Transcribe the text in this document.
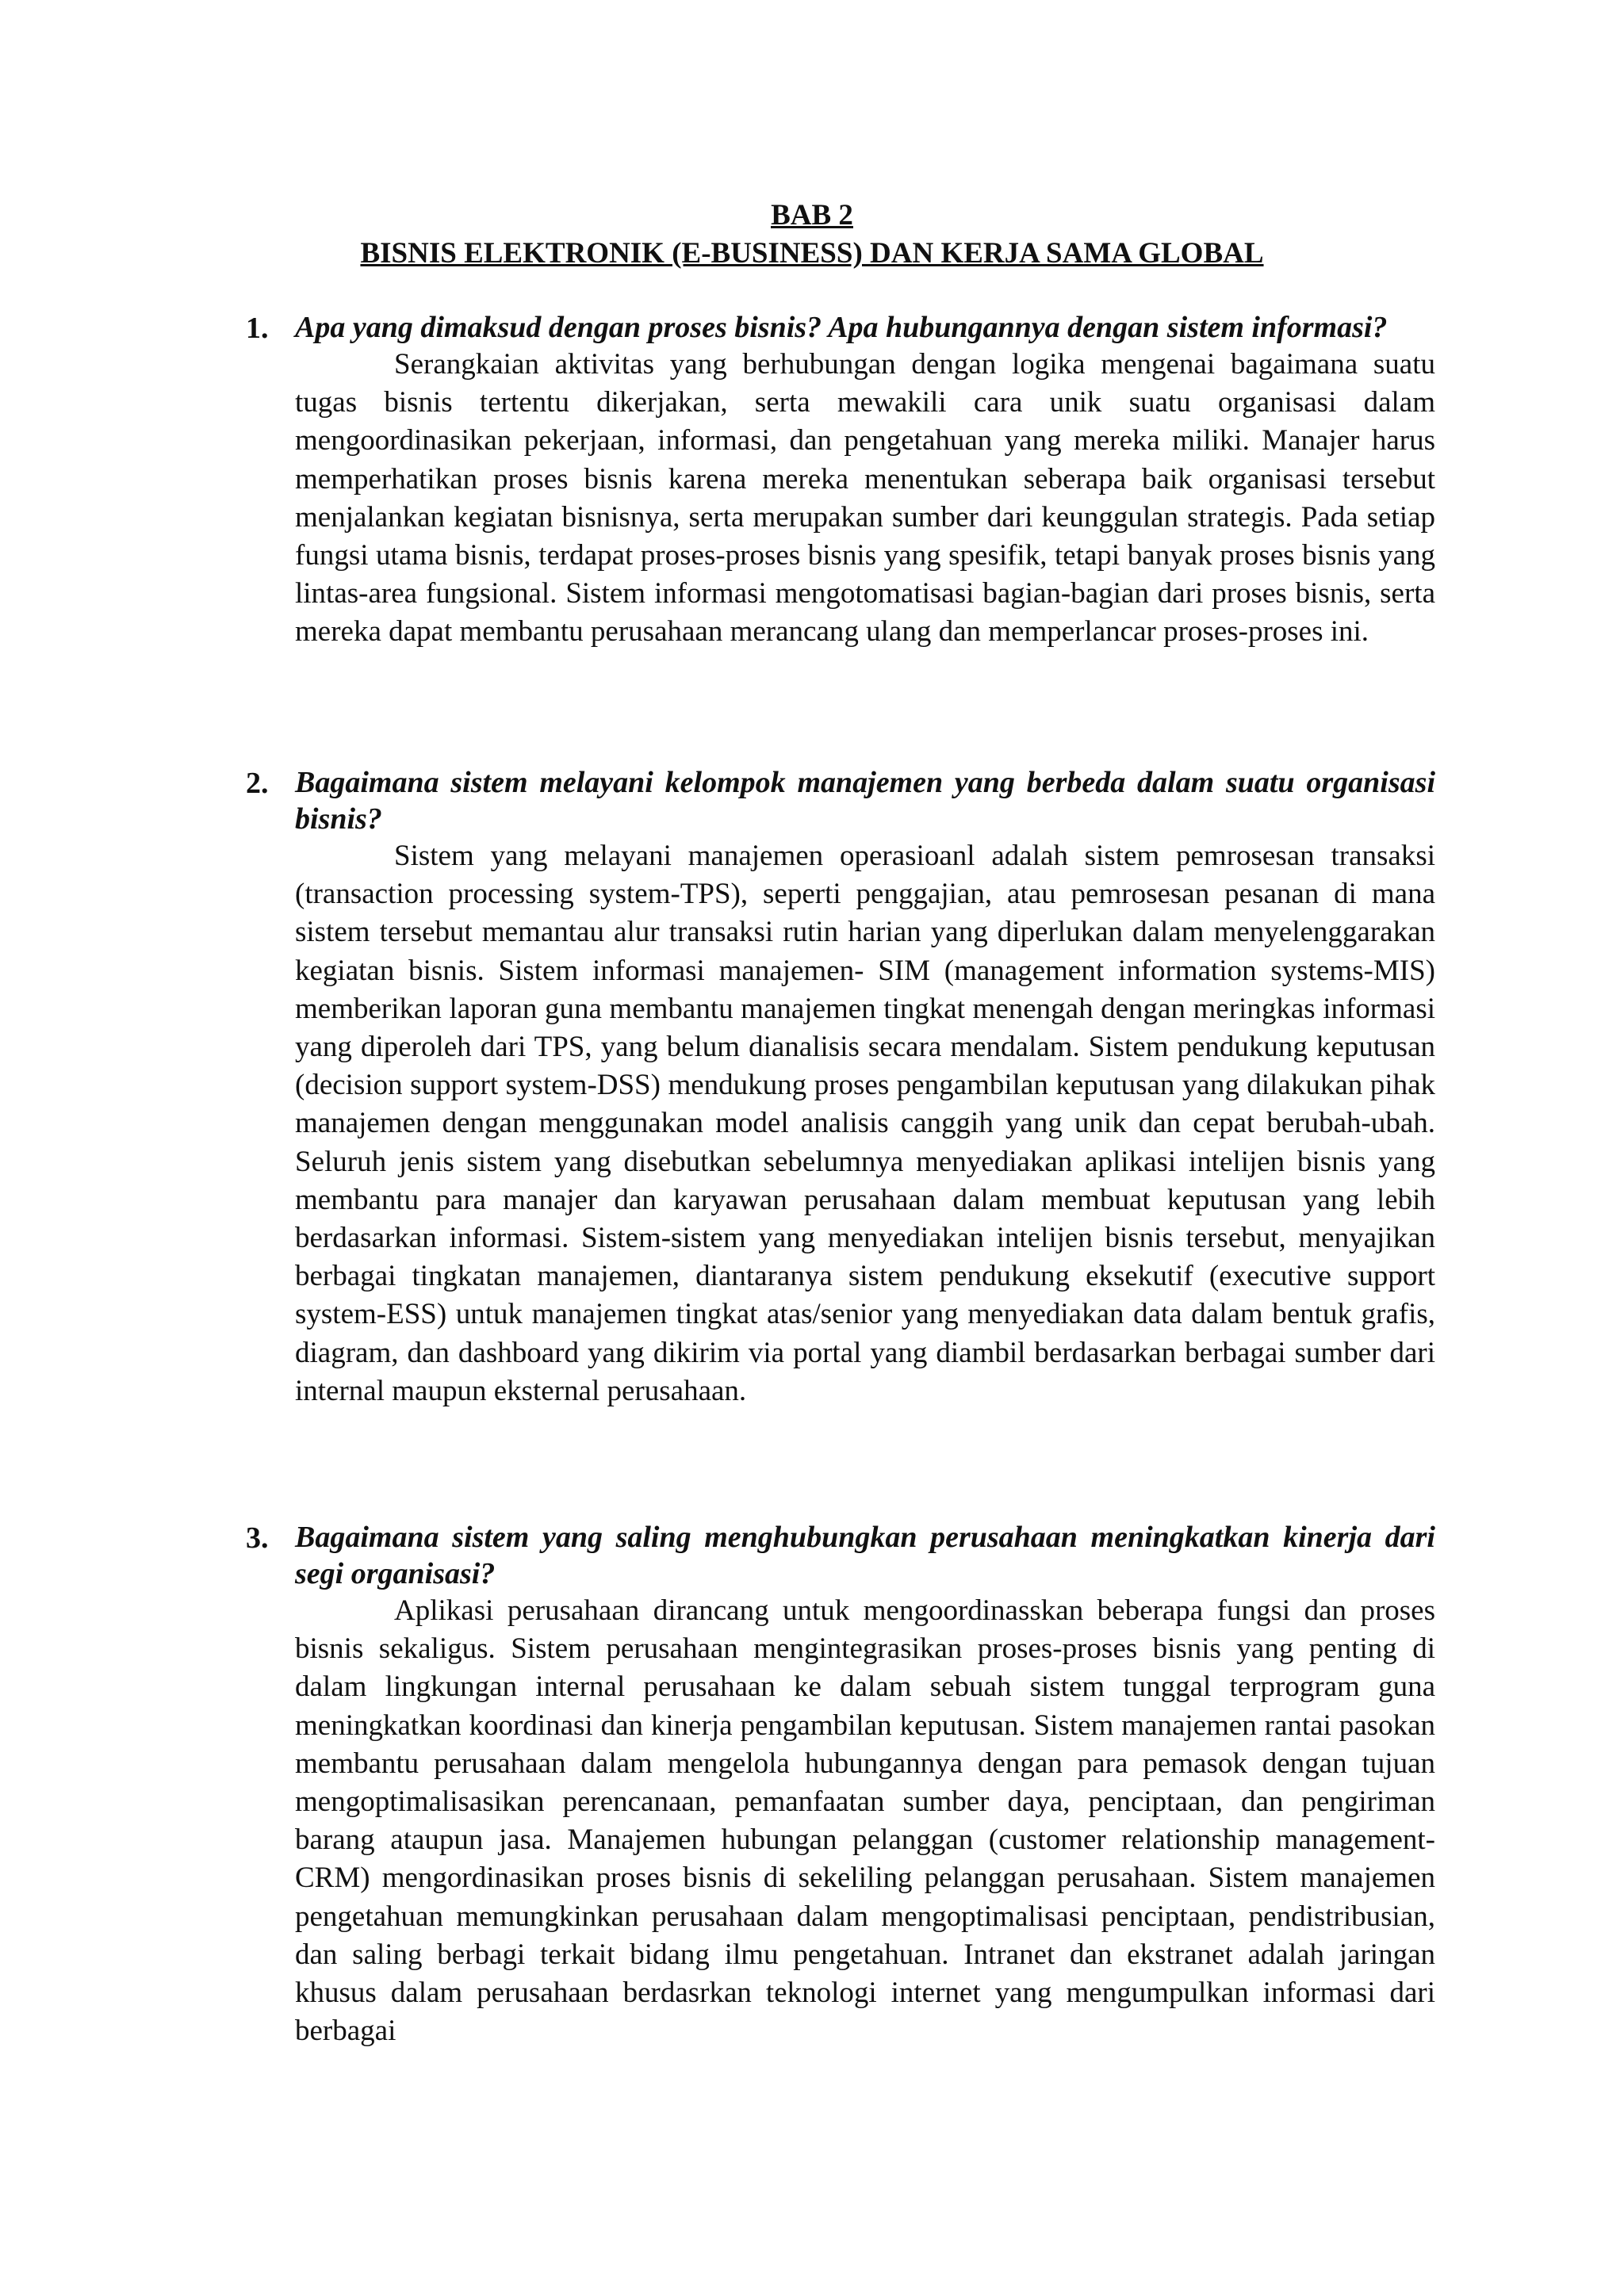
BAB 2
BISNIS ELEKTRONIK (E-BUSINESS) DAN KERJA SAMA GLOBAL
1. Apa yang dimaksud dengan proses bisnis? Apa hubungannya dengan sistem informasi?
Serangkaian aktivitas yang berhubungan dengan logika mengenai bagaimana suatu tugas bisnis tertentu dikerjakan, serta mewakili cara unik suatu organisasi dalam mengoordinasikan pekerjaan, informasi, dan pengetahuan yang mereka miliki. Manajer harus memperhatikan proses bisnis karena mereka menentukan seberapa baik organisasi tersebut menjalankan kegiatan bisnisnya, serta merupakan sumber dari keunggulan strategis. Pada setiap fungsi utama bisnis, terdapat proses-proses bisnis yang spesifik, tetapi banyak proses bisnis yang lintas-area fungsional. Sistem informasi mengotomatisasi bagian-bagian dari proses bisnis, serta mereka dapat membantu perusahaan merancang ulang dan memperlancar proses-proses ini.
2. Bagaimana sistem melayani kelompok manajemen yang berbeda dalam suatu organisasi bisnis?
Sistem yang melayani manajemen operasioanl adalah sistem pemrosesan transaksi (transaction processing system-TPS), seperti penggajian, atau pemrosesan pesanan di mana sistem tersebut memantau alur transaksi rutin harian yang diperlukan dalam menyelenggarakan kegiatan bisnis. Sistem informasi manajemen- SIM (management information systems-MIS) memberikan laporan guna membantu manajemen tingkat menengah dengan meringkas informasi yang diperoleh dari TPS, yang belum dianalisis secara mendalam. Sistem pendukung keputusan (decision support system-DSS) mendukung proses pengambilan keputusan yang dilakukan pihak manajemen dengan menggunakan model analisis canggih yang unik dan cepat berubah-ubah. Seluruh jenis sistem yang disebutkan sebelumnya menyediakan aplikasi intelijen bisnis yang membantu para manajer dan karyawan perusahaan dalam membuat keputusan yang lebih berdasarkan informasi. Sistem-sistem yang menyediakan intelijen bisnis tersebut, menyajikan berbagai tingkatan manajemen, diantaranya sistem pendukung eksekutif (executive support system-ESS) untuk manajemen tingkat atas/senior yang menyediakan data dalam bentuk grafis, diagram, dan dashboard yang dikirim via portal yang diambil berdasarkan berbagai sumber dari internal maupun eksternal perusahaan.
3. Bagaimana sistem yang saling menghubungkan perusahaan meningkatkan kinerja dari segi organisasi?
Aplikasi perusahaan dirancang untuk mengoordinasskan beberapa fungsi dan proses bisnis sekaligus. Sistem perusahaan mengintegrasikan proses-proses bisnis yang penting di dalam lingkungan internal perusahaan ke dalam sebuah sistem tunggal terprogram guna meningkatkan koordinasi dan kinerja pengambilan keputusan. Sistem manajemen rantai pasokan membantu perusahaan dalam mengelola hubungannya dengan para pemasok dengan tujuan mengoptimalisasikan perencanaan, pemanfaatan sumber daya, penciptaan, dan pengiriman barang ataupun jasa. Manajemen hubungan pelanggan (customer relationship management- CRM) mengordinasikan proses bisnis di sekeliling pelanggan perusahaan. Sistem manajemen pengetahuan memungkinkan perusahaan dalam mengoptimalisasi penciptaan, pendistribusian, dan saling berbagi terkait bidang ilmu pengetahuan. Intranet dan ekstranet adalah jaringan khusus dalam perusahaan berdasrkan teknologi internet yang mengumpulkan informasi dari berbagai
